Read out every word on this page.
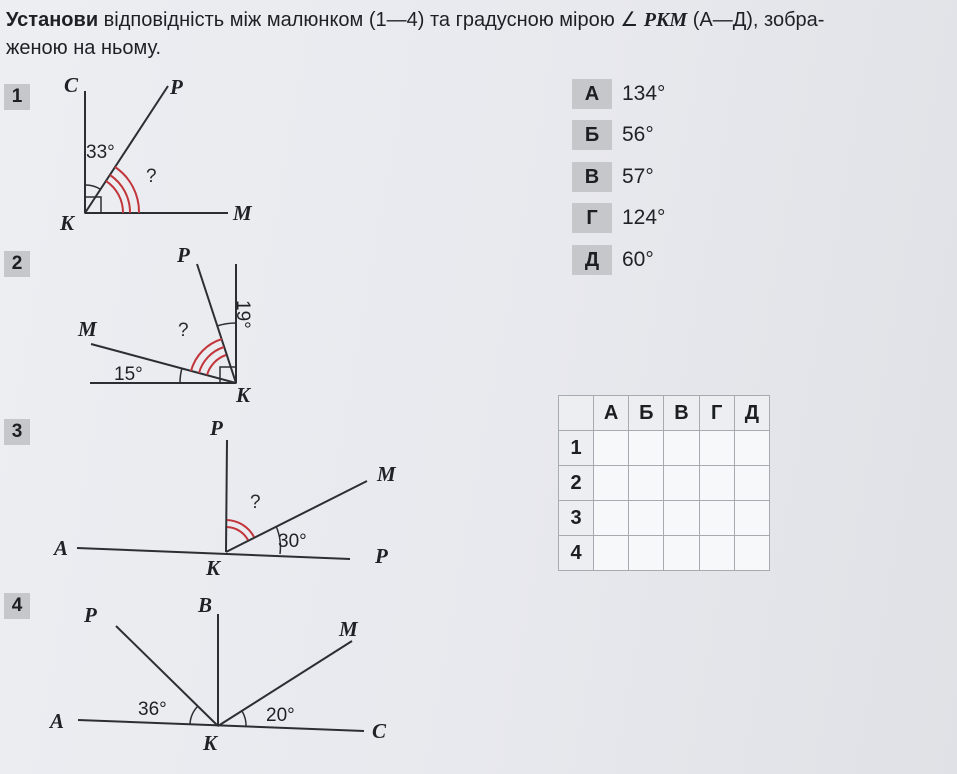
Установи відповідність між малюнком (1—4) та градусною мірою ∠ PKM (А—Д), зобра-
женою на ньому.
1	C	P
K	M
33°
?
2	P
M
K
15°
19°
?
3	P
M
A
K	P
30°
?
4	P	B
M
A
K	C
36°	20°
А	134°
Б	56°
В	57°
Г	124°
Д	60°
	А	Б	В	Г	Д
1					
2					
3					
4					
